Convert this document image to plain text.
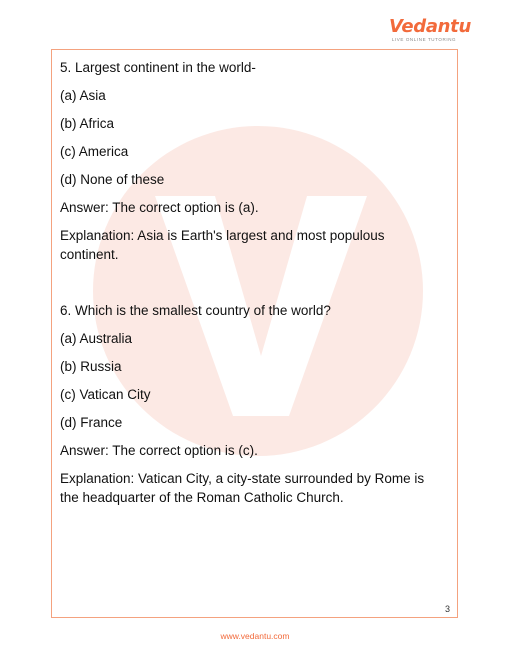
Vedantu
LIVE ONLINE TUTORING
5. Largest continent in the world-
(a) Asia
(b) Africa
(c) America
(d) None of these
Answer: The correct option is (a).
Explanation: Asia is Earth's largest and most populous continent.
6. Which is the smallest country of the world?
(a) Australia
(b) Russia
(c) Vatican City
(d) France
Answer: The correct option is (c).
Explanation: Vatican City, a city-state surrounded by Rome is the headquarter of the Roman Catholic Church.
3
www.vedantu.com
